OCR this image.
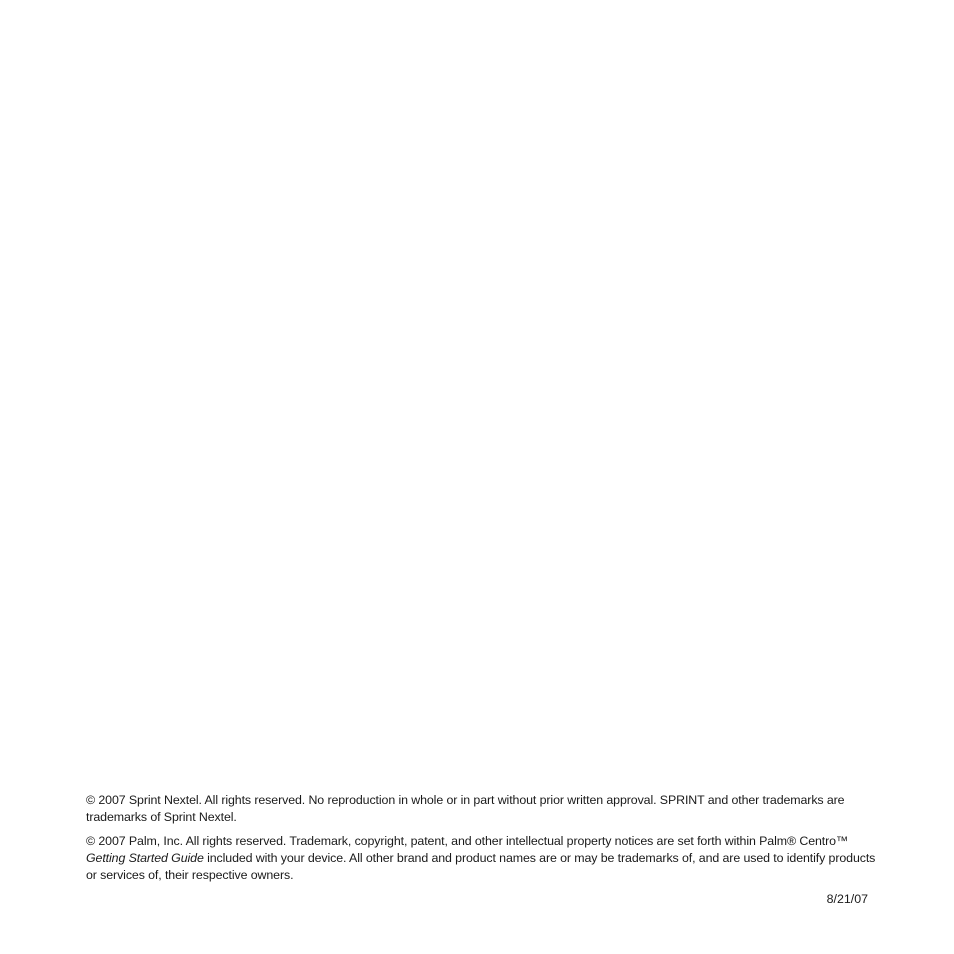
© 2007 Sprint Nextel. All rights reserved. No reproduction in whole or in part without prior written approval. SPRINT and other trademarks are trademarks of Sprint Nextel.

© 2007 Palm, Inc. All rights reserved. Trademark, copyright, patent, and other intellectual property notices are set forth within Palm® Centro™ Getting Started Guide included with your device. All other brand and product names are or may be trademarks of, and are used to identify products or services of, their respective owners.

8/21/07
